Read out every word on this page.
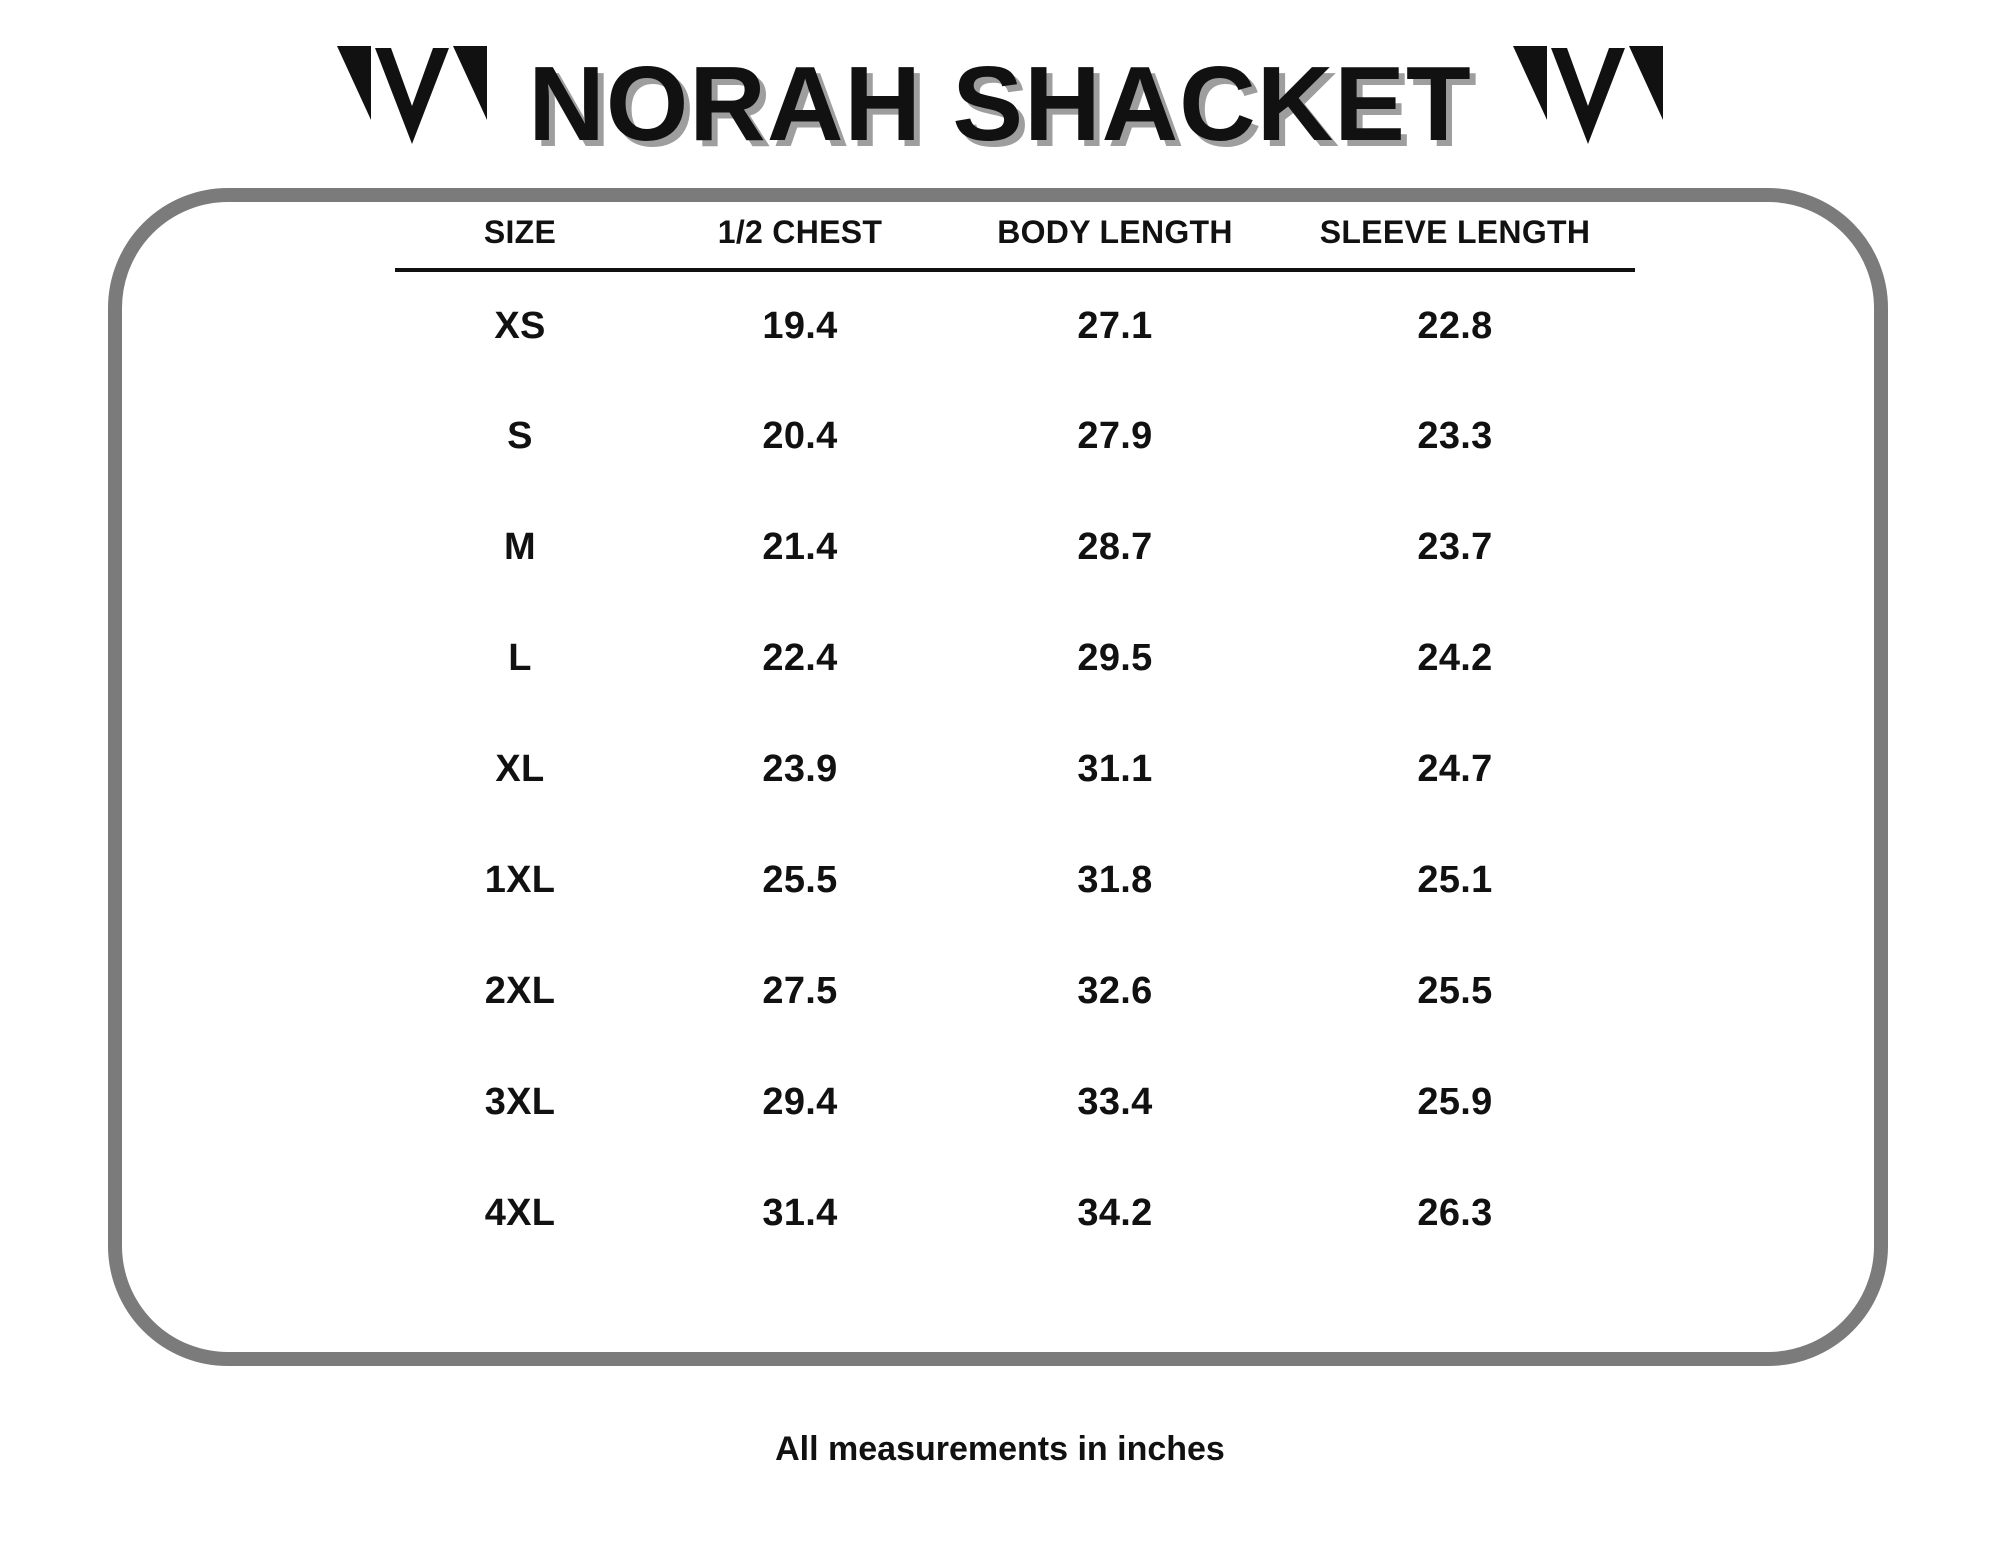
NORAH SHACKET
SIZE	1/2 CHEST	BODY LENGTH	SLEEVE LENGTH
XS	19.4	27.1	22.8
S	20.4	27.9	23.3
M	21.4	28.7	23.7
L	22.4	29.5	24.2
XL	23.9	31.1	24.7
1XL	25.5	31.8	25.1
2XL	27.5	32.6	25.5
3XL	29.4	33.4	25.9
4XL	31.4	34.2	26.3
All measurements in inches
